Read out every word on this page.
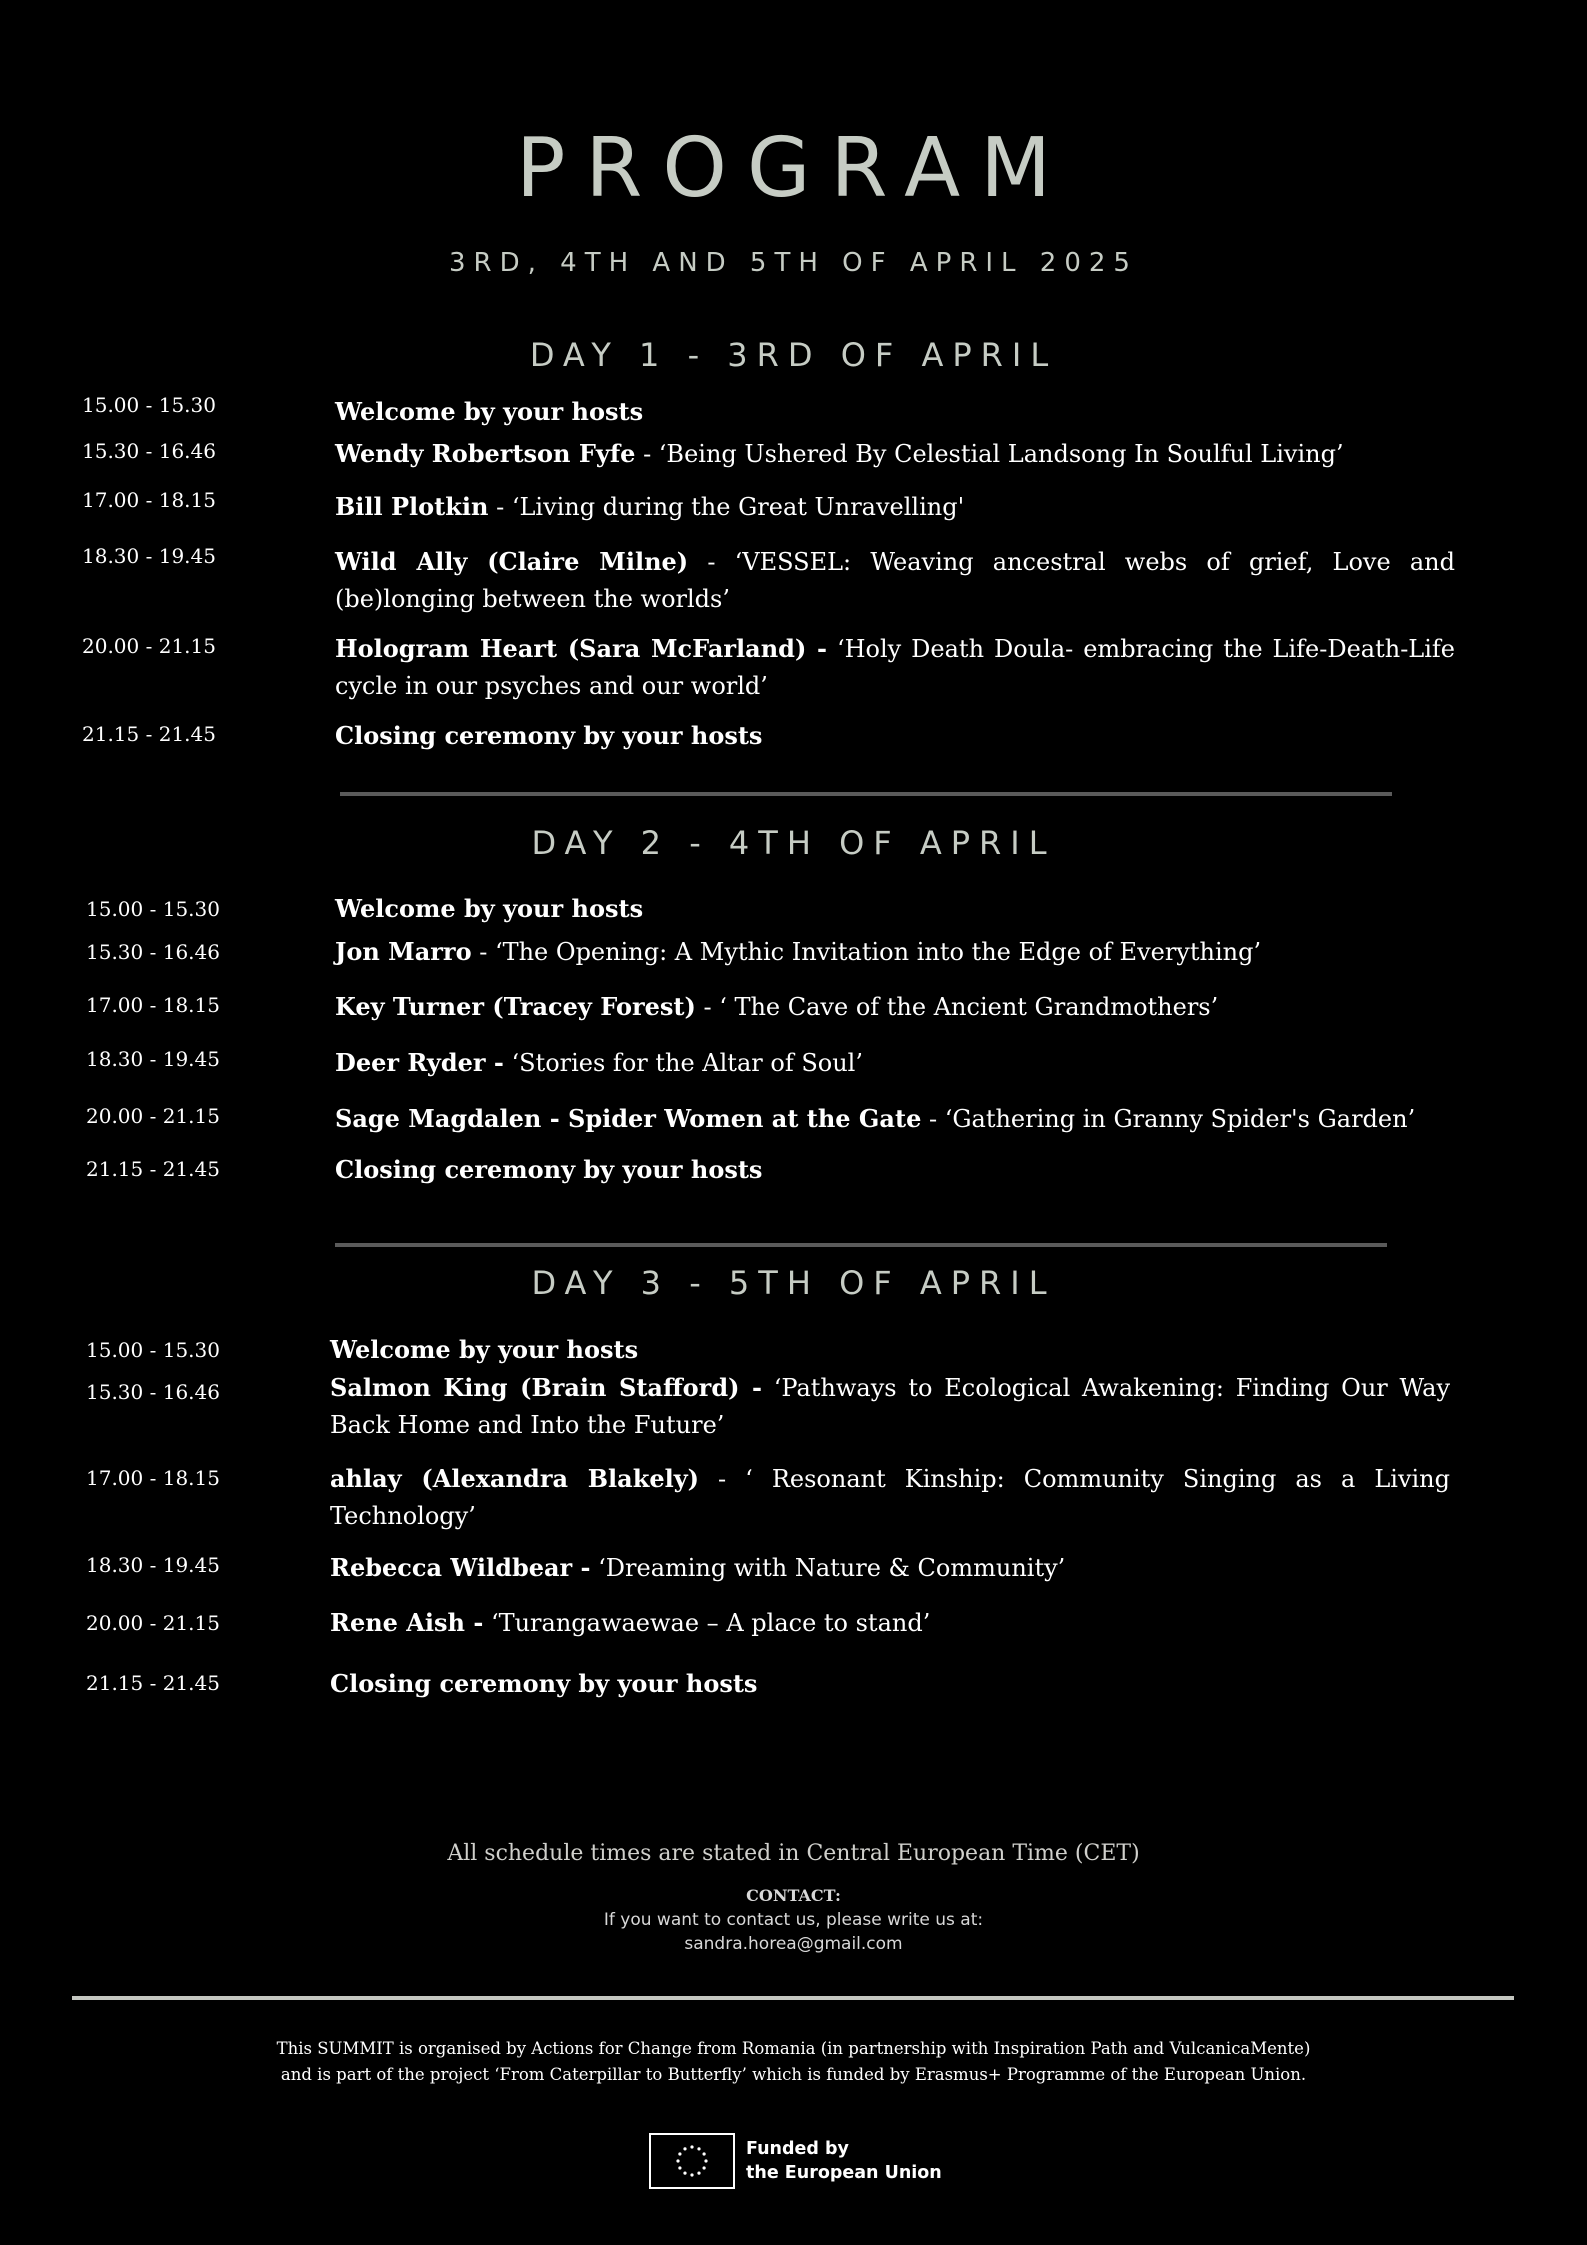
PROGRAM
3RD, 4TH AND 5TH OF APRIL 2025
DAY 1 - 3RD OF APRIL
15.00 - 15.30	Welcome by your hosts
15.30 - 16.46	Wendy Robertson Fyfe - ‘Being Ushered By Celestial Landsong In Soulful Living’
17.00 - 18.15	Bill Plotkin - ‘Living during the Great Unravelling'
18.30 - 19.45	Wild Ally (Claire Milne) - ‘VESSEL: Weaving ancestral webs of grief, Love and (be)longing between the worlds’
20.00 - 21.15	Hologram Heart (Sara McFarland) - ‘Holy Death Doula- embracing the Life-Death-Life cycle in our psyches and our world’
21.15 - 21.45	Closing ceremony by your hosts
DAY 2 - 4TH OF APRIL
15.00 - 15.30	Welcome by your hosts
15.30 - 16.46	Jon Marro - ‘The Opening: A Mythic Invitation into the Edge of Everything’
17.00 - 18.15	Key Turner (Tracey Forest) - ‘ The Cave of the Ancient Grandmothers’
18.30 - 19.45	Deer Ryder - ‘Stories for the Altar of Soul’
20.00 - 21.15	Sage Magdalen - Spider Women at the Gate - ‘Gathering in Granny Spider's Garden’
21.15 - 21.45	Closing ceremony by your hosts
DAY 3 - 5TH OF APRIL
15.00 - 15.30	Welcome by your hosts
15.30 - 16.46	Salmon King (Brain Stafford) - ‘Pathways to Ecological Awakening: Finding Our Way Back Home and Into the Future’
17.00 - 18.15	ahlay (Alexandra Blakely) - ‘ Resonant Kinship: Community Singing as a Living Technology’
18.30 - 19.45	Rebecca Wildbear - ‘Dreaming with Nature & Community’
20.00 - 21.15	Rene Aish - ‘Turangawaewae – A place to stand’
21.15 - 21.45	Closing ceremony by your hosts
All schedule times are stated in Central European Time (CET)
CONTACT:
If you want to contact us, please write us at:
sandra.horea@gmail.com
This SUMMIT is organised by Actions for Change from Romania (in partnership with Inspiration Path and VulcanicaMente)
and is part of the project ‘From Caterpillar to Butterfly’ which is funded by Erasmus+ Programme of the European Union.
Funded by
the European Union
